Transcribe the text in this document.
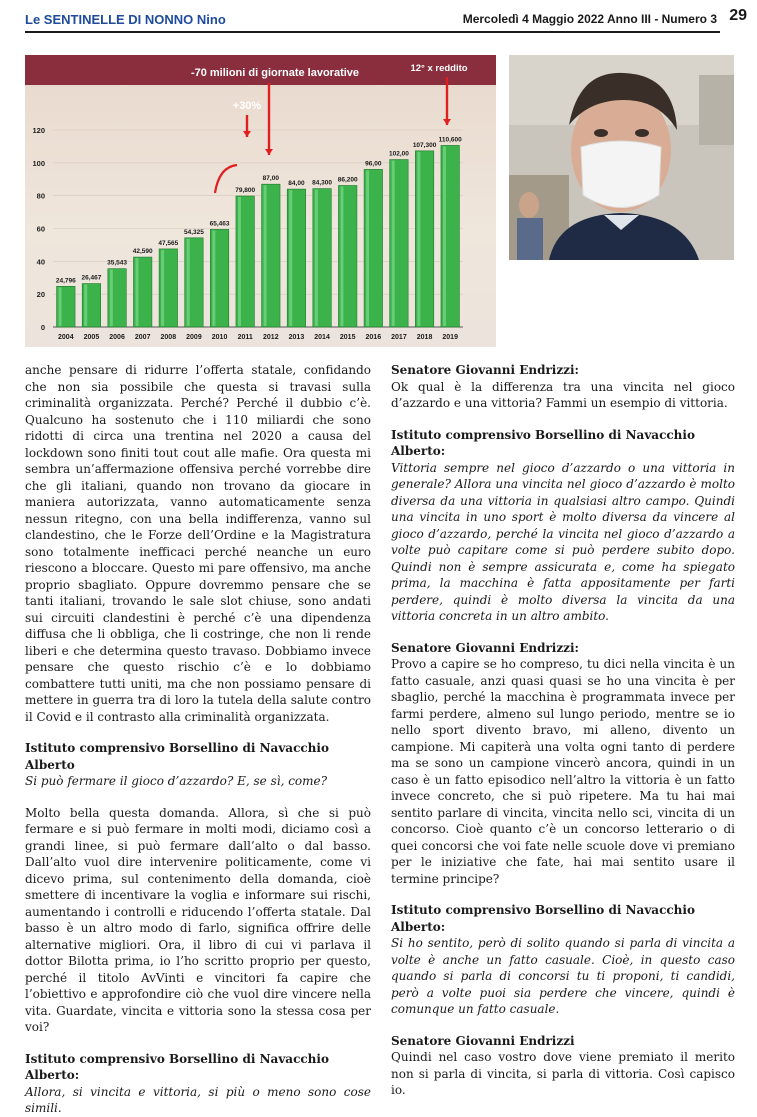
Le SENTINELLE DI NONNO Nino	Mercoledì 4 Maggio 2022 Anno III - Numero 3 29
0
20
40
60
80
100
120
24,796
2004
26,467
2005
35,543
2006
42,590
2007
47,565
2008
54,325
2009
65,463
2010
79,800
2011
87,00
2012
84,00
2013
84,300
2014
86,200
2015
96,00
2016
102,00
2017
107,300
2018
110,600
2019
-70 milioni di giornate lavorative	12° x reddito
+30%

anche pensare di ridurre l’offerta statale, confidando che non sia possibile che questa si travasi sulla criminalità organizzata. Perché? Perché il dubbio c’è. Qualcuno ha sostenuto che i 110 miliardi che sono ridotti di circa una trentina nel 2020 a causa del lockdown sono finiti tout cout alle mafie. Ora questa mi sembra un’affermazione offensiva perché vorrebbe dire che gli italiani, quando non trovano da giocare in maniera autorizzata, vanno automaticamente senza nessun ritegno, con una bella indifferenza, vanno sul clandestino, che le Forze dell’Ordine e la Magistratura sono totalmente inefficaci perché neanche un euro riescono a bloccare. Questo mi pare offensivo, ma anche proprio sbagliato. Oppure dovremmo pensare che se tanti italiani, trovando le sale slot chiuse, sono andati sui circuiti clandestini è perché c’è una dipendenza diffusa che li obbliga, che li costringe, che non li rende liberi e che determina questo travaso. Dobbiamo invece pensare che questo rischio c’è e lo dobbiamo combattere tutti uniti, ma che non possiamo pensare di mettere in guerra tra di loro la tutela della salute contro il Covid e il contrasto alla criminalità organizzata.

Istituto comprensivo Borsellino di Navacchio

Alberto

Si può fermare il gioco d’azzardo? E, se sì, come?

Molto bella questa domanda. Allora, sì che si può fermare e si può fermare in molti modi, diciamo così a grandi linee, si può fermare dall’alto o dal basso. Dall’alto vuol dire intervenire politicamente, come vi dicevo prima, sul contenimento della domanda, cioè smettere di incentivare la voglia e informare sui rischi, aumentando i controlli e riducendo l’offerta statale. Dal basso è un altro modo di farlo, significa offrire delle alternative migliori. Ora, il libro di cui vi parlava il dottor Bilotta prima, io l’ho scritto proprio per questo, perché il titolo AvVinti e vincitori fa capire che l’obiettivo e approfondire ciò che vuol dire vincere nella vita. Guardate, vincita e vittoria sono la stessa cosa per voi?

Istituto comprensivo Borsellino di Navacchio

Alberto:

Allora, si vincita e vittoria, si più o meno sono cose simili.

Senatore Giovanni Endrizzi:

Ok qual è la differenza tra una vincita nel gioco d’azzardo e una vittoria? Fammi un esempio di vittoria.

Istituto comprensivo Borsellino di Navacchio

Alberto:

Vittoria sempre nel gioco d’azzardo o una vittoria in generale? Allora una vincita nel gioco d’azzardo è molto diversa da una vittoria in qualsiasi altro campo. Quindi una vincita in uno sport è molto diversa da vincere al gioco d’azzardo, perché la vincita nel gioco d’azzardo a volte può capitare come si può perdere subito dopo. Quindi non è sempre assicurata e, come ha spiegato prima, la macchina è fatta appositamente per farti perdere, quindi è molto diversa la vincita da una vittoria concreta in un altro ambito.

Senatore Giovanni Endrizzi:

Provo a capire se ho compreso, tu dici nella vincita è un fatto casuale, anzi quasi quasi se ho una vincita è per sbaglio, perché la macchina è programmata invece per farmi perdere, almeno sul lungo periodo, mentre se io nello sport divento bravo, mi alleno, divento un campione. Mi capiterà una volta ogni tanto di perdere ma se sono un campione vincerò ancora, quindi in un caso è un fatto episodico nell’altro la vittoria è un fatto invece concreto, che si può ripetere. Ma tu hai mai sentito parlare di vincita, vincita nello sci, vincita di un concorso. Cioè quanto c’è un concorso letterario o di quei concorsi che voi fate nelle scuole dove vi premiano per le iniziative che fate, hai mai sentito usare il termine principe?

Istituto comprensivo Borsellino di Navacchio

Alberto:

Si ho sentito, però di solito quando si parla di vincita a volte è anche un fatto casuale. Cioè, in questo caso quando si parla di concorsi tu ti proponi, ti candidi, però a volte puoi sia perdere che vincere, quindi è comunque un fatto casuale.

Senatore Giovanni Endrizzi

Quindi nel caso vostro dove viene premiato il merito non si parla di vincita, si parla di vittoria. Così capisco io.
